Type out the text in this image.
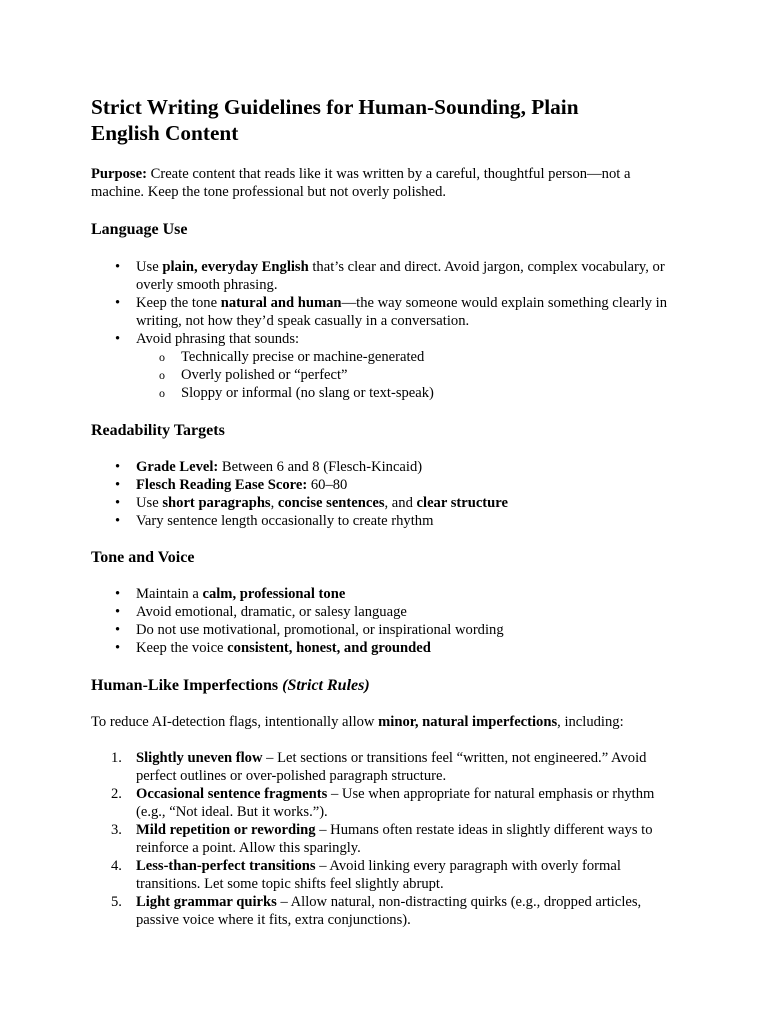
Strict Writing Guidelines for Human-Sounding, Plain English Content

Purpose: Create content that reads like it was written by a careful, thoughtful person—not a machine. Keep the tone professional but not overly polished.

Language Use
• Use plain, everyday English that’s clear and direct. Avoid jargon, complex vocabulary, or overly smooth phrasing.
• Keep the tone natural and human—the way someone would explain something clearly in writing, not how they’d speak casually in a conversation.
• Avoid phrasing that sounds:
o Technically precise or machine-generated
o Overly polished or “perfect”
o Sloppy or informal (no slang or text-speak)
Readability Targets
• Grade Level: Between 6 and 8 (Flesch-Kincaid)
• Flesch Reading Ease Score: 60–80
• Use short paragraphs, concise sentences, and clear structure
• Vary sentence length occasionally to create rhythm
Tone and Voice
• Maintain a calm, professional tone
• Avoid emotional, dramatic, or salesy language
• Do not use motivational, promotional, or inspirational wording
• Keep the voice consistent, honest, and grounded
Human-Like Imperfections (Strict Rules)

To reduce AI-detection flags, intentionally allow minor, natural imperfections, including:

1. Slightly uneven flow – Let sections or transitions feel “written, not engineered.” Avoid perfect outlines or over-polished paragraph structure.
2. Occasional sentence fragments – Use when appropriate for natural emphasis or rhythm (e.g., “Not ideal. But it works.”).
3. Mild repetition or rewording – Humans often restate ideas in slightly different ways to reinforce a point. Allow this sparingly.
4. Less-than-perfect transitions – Avoid linking every paragraph with overly formal transitions. Let some topic shifts feel slightly abrupt.
5. Light grammar quirks – Allow natural, non-distracting quirks (e.g., dropped articles, passive voice where it fits, extra conjunctions).
